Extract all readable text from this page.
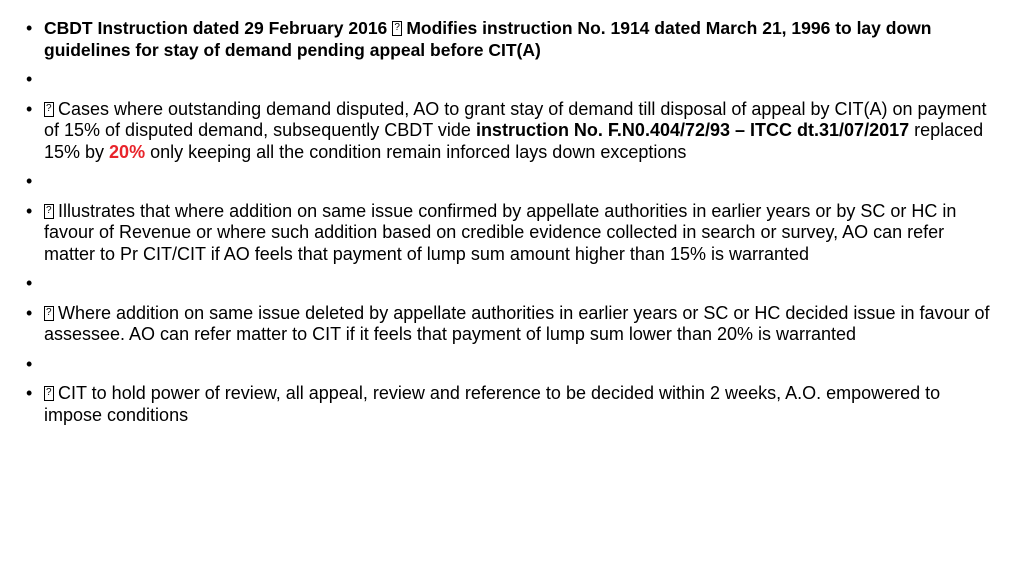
• CBDT Instruction dated 29 February 2016 ? Modifies instruction No. 1914 dated March 21, 1996 to lay down guidelines for stay of demand pending appeal before CIT(A)
•
• ? Cases where outstanding demand disputed, AO to grant stay of demand till disposal of appeal by CIT(A) on payment of 15% of disputed demand, subsequently CBDT vide instruction No. F.N0.404/72/93 – ITCC dt.31/07/2017 replaced 15% by 20% only keeping all the condition remain inforced lays down exceptions
•
• ? Illustrates that where addition on same issue confirmed by appellate authorities in earlier years or by SC or HC in favour of Revenue or where such addition based on credible evidence collected in search or survey, AO can refer matter to Pr CIT/CIT if AO feels that payment of lump sum amount higher than 15% is warranted
•
• ? Where addition on same issue deleted by appellate authorities in earlier years or SC or HC decided issue in favour of assessee. AO can refer matter to CIT if it feels that payment of lump sum lower than 20% is warranted
•
• ? CIT to hold power of review, all appeal, review and reference to be decided within 2 weeks, A.O. empowered to impose conditions
